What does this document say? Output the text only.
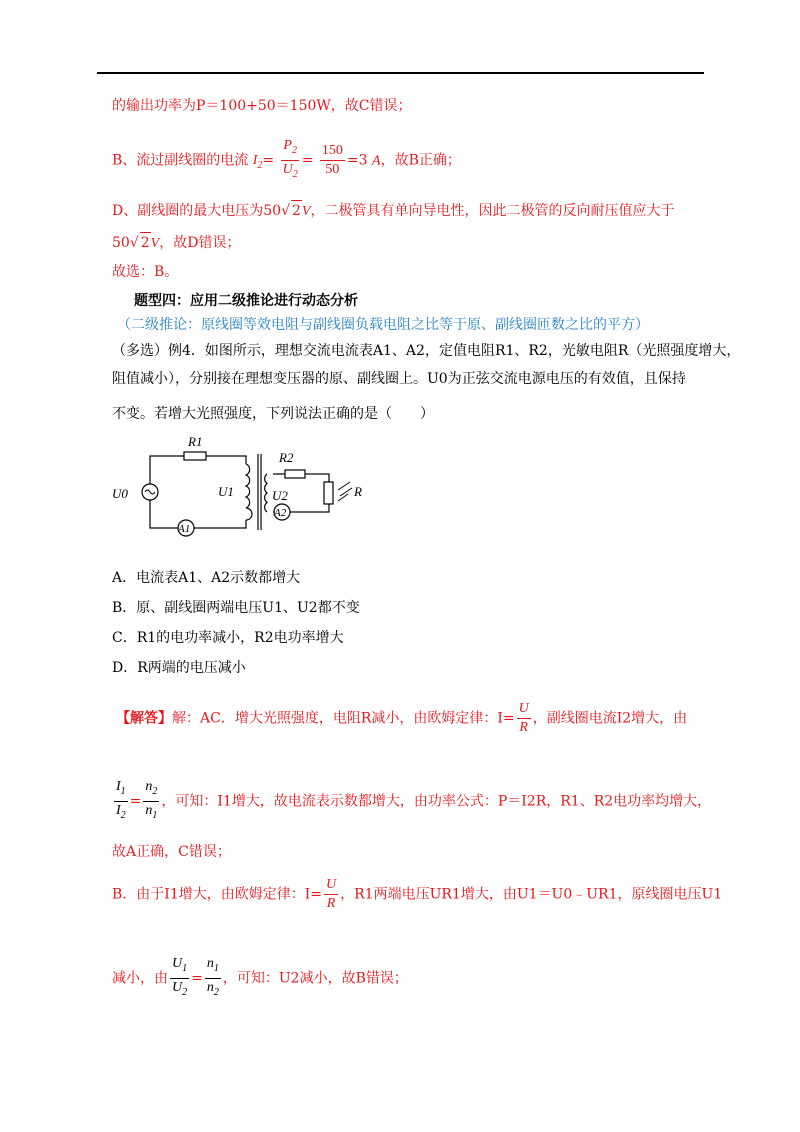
的输出功率为P＝100+50＝150W，故C错误；
B、流过副线圈的电流 $I_2= \frac{P_2}{U_2} = \frac{150}{50} =3$ A，故B正确；
D、副线圈的最大电压为50√ 2V，二极管具有单向导电性，因此二极管的反向耐压值应大于
50√ 2V，故D错误；
故选：B。
题型四：应用二级推论进行动态分析
（二级推论：原线圈等效电阻与副线圈负载电阻之比等于原、副线圈匝数之比的平方）
（多选）例4．如图所示，理想交流电流表A1、A2，定值电阻R1、R2，光敏电阻R（光照强度增大，
阻值减小），分别接在理想变压器的原、副线圈上。U0为正弦交流电源电压的有效值，且保持
不变。若增大光照强度，下列说法正确的是（　　）
R1
U0	U1
A1
R2
U2
A2
R
A．电流表A1、A2示数都增大
B．原、副线圈两端电压U1、U2都不变
C．R1的电功率减小，R2电功率增大
D．R两端的电压减小
【解答】解：AC．增大光照强度，电阻R减小，由欧姆定律：$I= \frac{U}{R}$ ，副线圈电流I2增大，由
$\frac{I_1}{I_2} = \frac{n_2}{n_1}$ ，可知：I1增大，故电流表示数都增大，由功率公式：P＝I2R，R1、R2电功率均增大，
故A正确，C错误；
B．由于I1增大，由欧姆定律：$I= \frac{U}{R}$ ，R1两端电压UR1增大，由U1＝U0﹣UR1，原线圈电压U1
减小，由 $\frac{U_1}{U_2} = \frac{n_1}{n_2}$ ，可知：U2减小，故B错误；
